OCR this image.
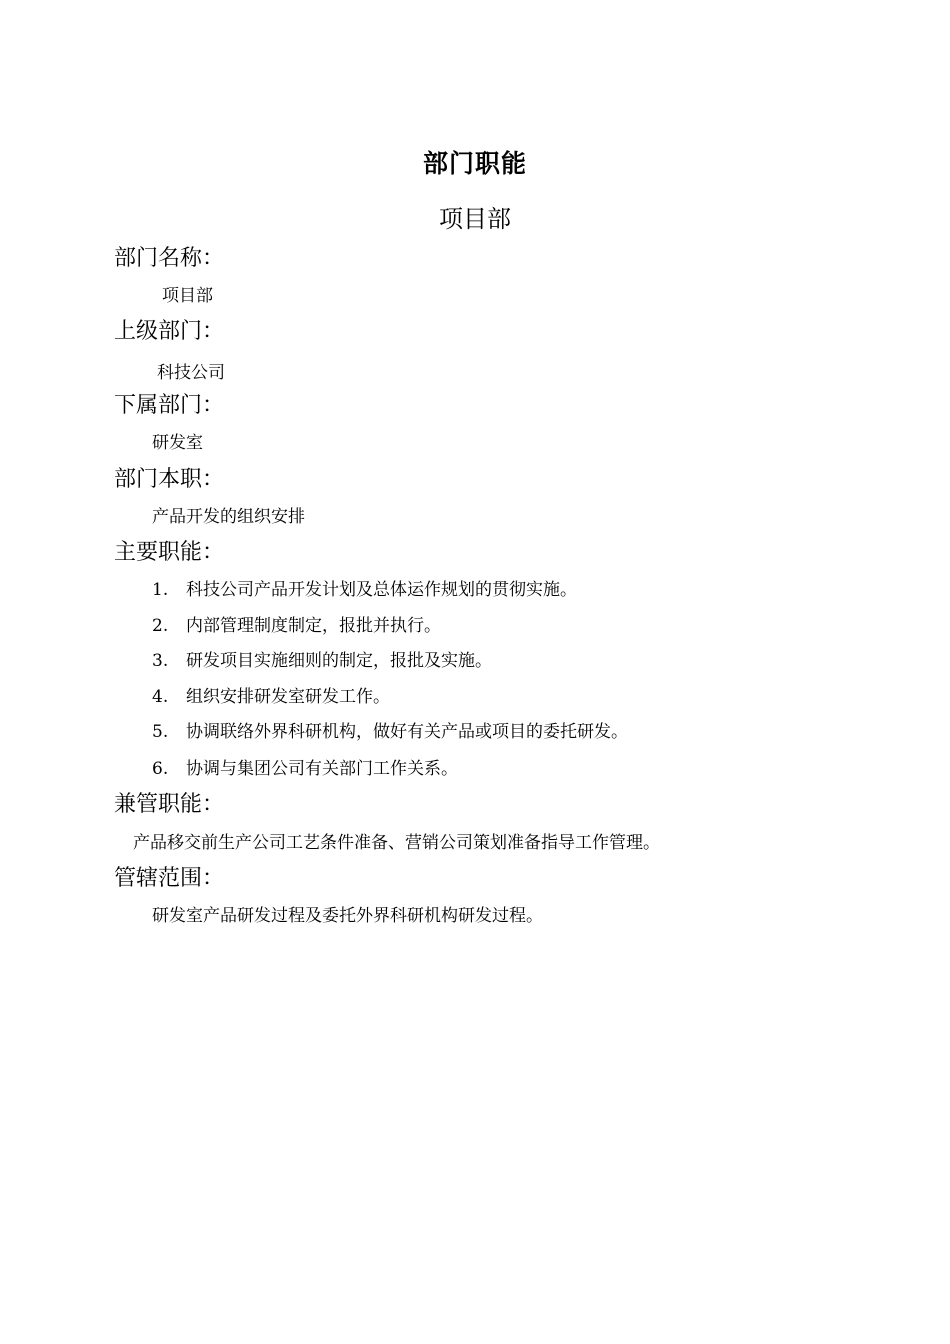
部门职能
项目部
部门名称：
项目部
上级部门：
科技公司
下属部门：
研发室
部门本职：
产品开发的组织安排
主要职能：
1. 科技公司产品开发计划及总体运作规划的贯彻实施。
2. 内部管理制度制定，报批并执行。
3. 研发项目实施细则的制定，报批及实施。
4. 组织安排研发室研发工作。
5. 协调联络外界科研机构，做好有关产品或项目的委托研发。
6. 协调与集团公司有关部门工作关系。
兼管职能：
产品移交前生产公司工艺条件准备、营销公司策划准备指导工作管理。
管辖范围：
研发室产品研发过程及委托外界科研机构研发过程。
